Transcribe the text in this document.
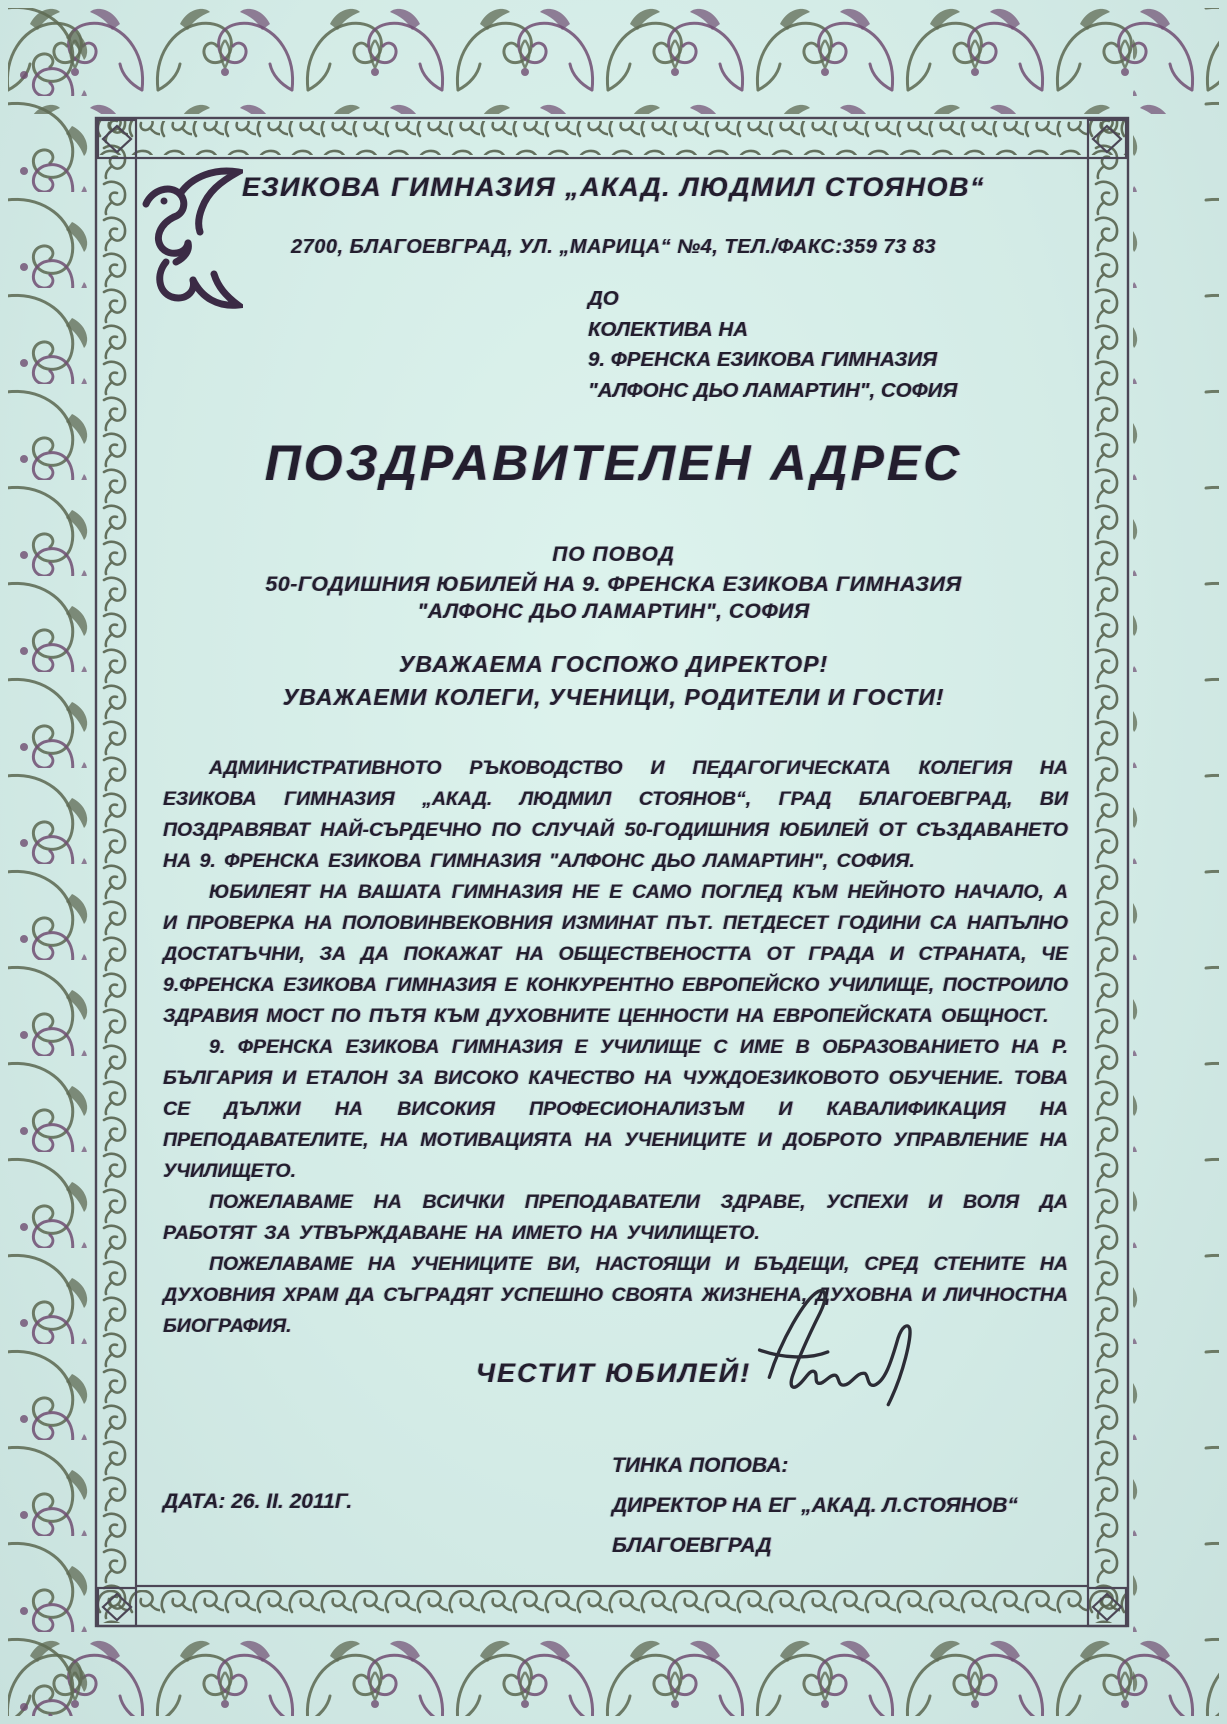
ЕЗИКОВА ГИМНАЗИЯ „АКАД. ЛЮДМИЛ СТОЯНОВ“
2700, БЛАГОЕВГРАД, УЛ. „МАРИЦА“ №4, ТЕЛ./ФАКС:359 73 83
ДО
КОЛЕКТИВА НА
9. ФРЕНСКА ЕЗИКОВА ГИМНАЗИЯ
"АЛФОНС ДЬО ЛАМАРТИН", СОФИЯ
ПОЗДРАВИТЕЛЕН АДРЕС
ПО ПОВОД
50-ГОДИШНИЯ ЮБИЛЕЙ НА 9. ФРЕНСКА ЕЗИКОВА ГИМНАЗИЯ
"АЛФОНС ДЬО ЛАМАРТИН", СОФИЯ
УВАЖАЕМА ГОСПОЖО ДИРЕКТОР!
УВАЖАЕМИ КОЛЕГИ, УЧЕНИЦИ, РОДИТЕЛИ И ГОСТИ!

АДМИНИСТРАТИВНОТО РЪКОВОДСТВО И ПЕДАГОГИЧЕСКАТА КОЛЕГИЯ НА ЕЗИКОВА ГИМНАЗИЯ „АКАД. ЛЮДМИЛ СТОЯНОВ“, ГРАД БЛАГОЕВГРАД, ВИ ПОЗДРАВЯВАТ НАЙ-СЪРДЕЧНО ПО СЛУЧАЙ 50-ГОДИШНИЯ ЮБИЛЕЙ ОТ СЪЗДАВАНЕТО НА 9. ФРЕНСКА ЕЗИКОВА ГИМНАЗИЯ "АЛФОНС ДЬО ЛАМАРТИН", СОФИЯ.

ЮБИЛЕЯТ НА ВАШАТА ГИМНАЗИЯ НЕ Е САМО ПОГЛЕД КЪМ НЕЙНОТО НАЧАЛО, А И ПРОВЕРКА НА ПОЛОВИНВЕКОВНИЯ ИЗМИНАТ ПЪТ. ПЕТДЕСЕТ ГОДИНИ СА НАПЪЛНО ДОСТАТЪЧНИ, ЗА ДА ПОКАЖАТ НА ОБЩЕСТВЕНОСТТА ОТ ГРАДА И СТРАНАТА, ЧЕ 9.ФРЕНСКА ЕЗИКОВА ГИМНАЗИЯ Е КОНКУРЕНТНО ЕВРОПЕЙСКО УЧИЛИЩЕ, ПОСТРОИЛО ЗДРАВИЯ МОСТ ПО ПЪТЯ КЪМ ДУХОВНИТЕ ЦЕННОСТИ НА ЕВРОПЕЙСКАТА ОБЩНОСТ.

9. ФРЕНСКА ЕЗИКОВА ГИМНАЗИЯ Е УЧИЛИЩЕ С ИМЕ В ОБРАЗОВАНИЕТО НА Р. БЪЛГАРИЯ И ЕТАЛОН ЗА ВИСОКО КАЧЕСТВО НА ЧУЖДОЕЗИКОВОТО ОБУЧЕНИЕ. ТОВА СЕ ДЪЛЖИ НА ВИСОКИЯ ПРОФЕСИОНАЛИЗЪМ И КАВАЛИФИКАЦИЯ НА ПРЕПОДАВАТЕЛИТЕ, НА МОТИВАЦИЯТА НА УЧЕНИЦИТЕ И ДОБРОТО УПРАВЛЕНИЕ НА УЧИЛИЩЕТО.

ПОЖЕЛАВАМЕ НА ВСИЧКИ ПРЕПОДАВАТЕЛИ ЗДРАВЕ, УСПЕХИ И ВОЛЯ ДА РАБОТЯТ ЗА УТВЪРЖДАВАНЕ НА ИМЕТО НА УЧИЛИЩЕТО.

ПОЖЕЛАВАМЕ НА УЧЕНИЦИТЕ ВИ, НАСТОЯЩИ И БЪДЕЩИ, СРЕД СТЕНИТЕ НА ДУХОВНИЯ ХРАМ ДА СЪГРАДЯТ УСПЕШНО СВОЯТА ЖИЗНЕНА, ДУХОВНА И ЛИЧНОСТНА БИОГРАФИЯ.

ЧЕСТИТ ЮБИЛЕЙ!
ДАТА: 26. II. 2011Г.
ТИНКА ПОПОВА:
ДИРЕКТОР НА ЕГ „АКАД. Л.СТОЯНОВ“
БЛАГОЕВГРАД
